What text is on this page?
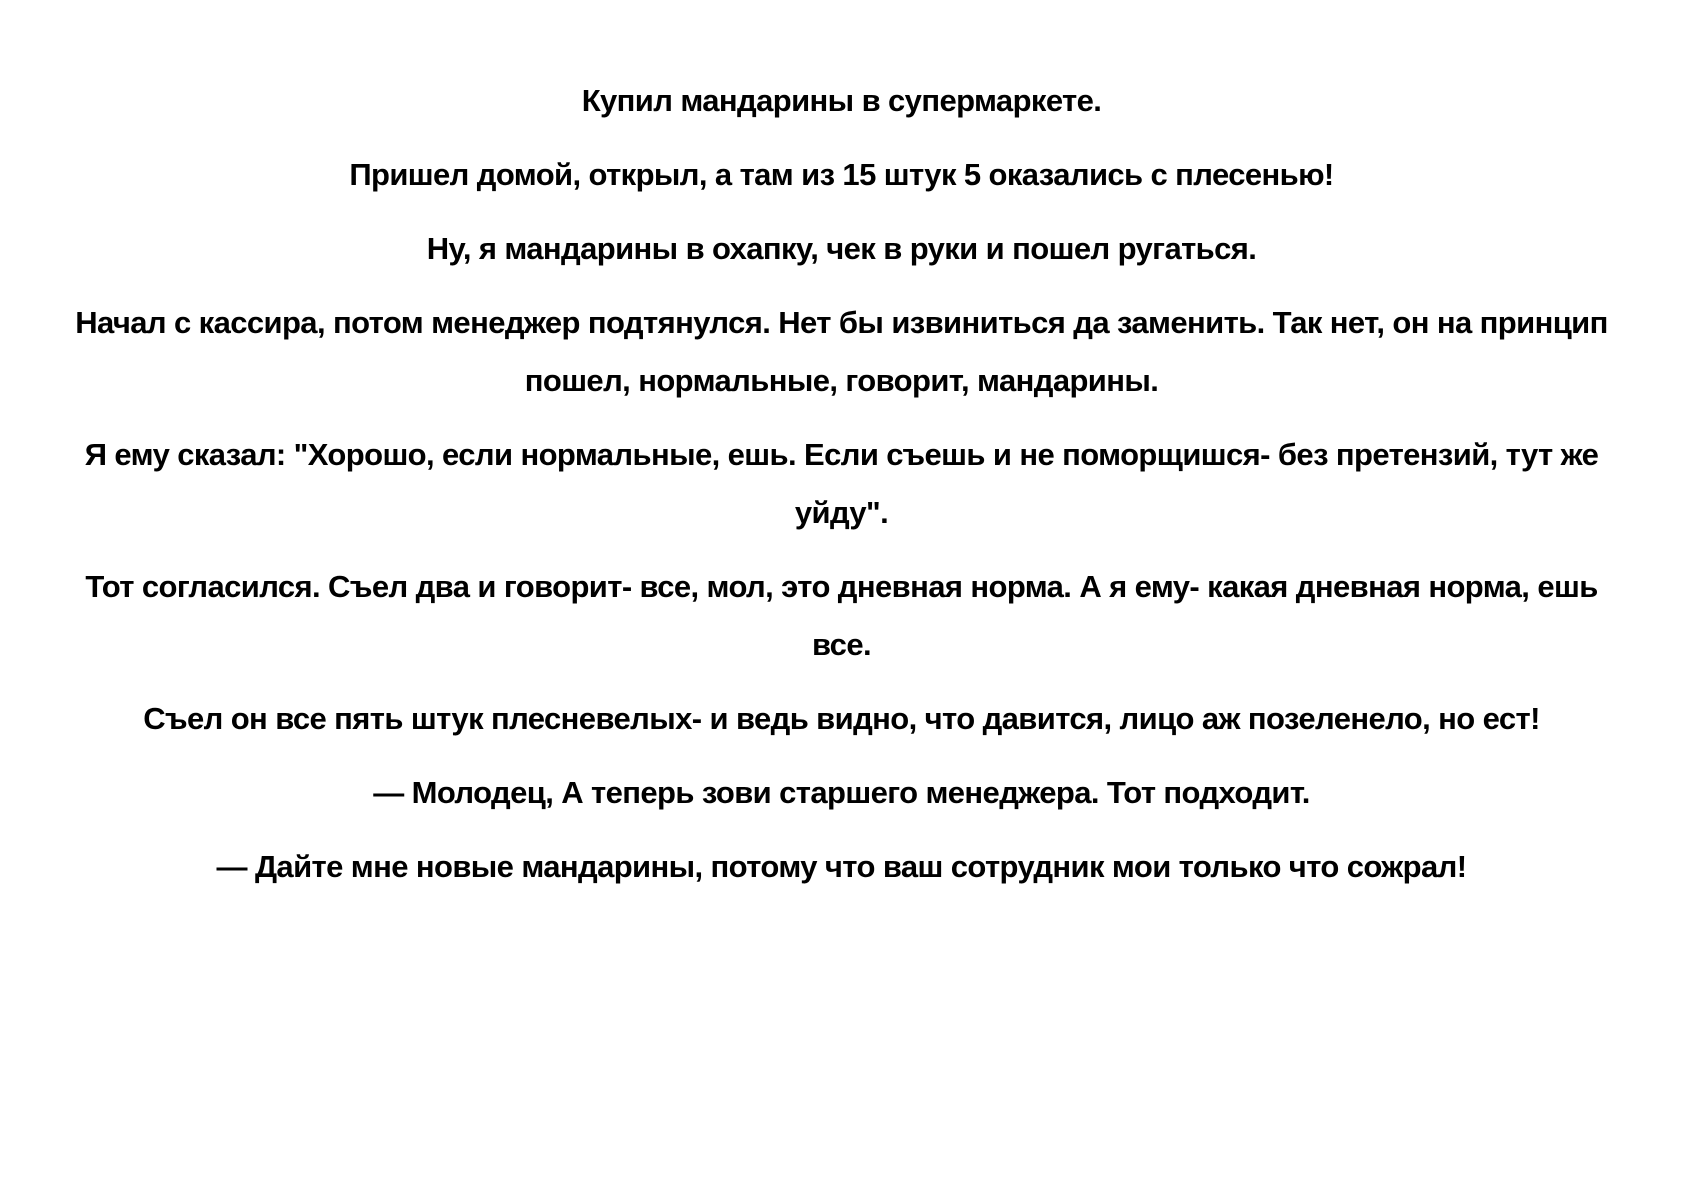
Купил мандарины в супермаркете.

Пришел домой, открыл, а там из 15 штук 5 оказались с плесенью!

Ну, я мандарины в охапку, чек в руки и пошел ругаться.

Начал с кассира, потом менеджер подтянулся. Нет бы извиниться да заменить. Так нет, он на принцип пошел, нормальные, говорит, мандарины.

Я ему сказал: "Хорошо, если нормальные, ешь. Если съешь и не поморщишся- без претензий, тут же уйду".

Тот согласился. Съел два и говорит- все, мол, это дневная норма. А я ему- какая дневная норма, ешь все.

Съел он все пять штук плесневелых- и ведь видно, что давится, лицо аж позеленело, но ест!

— Молодец, А теперь зови старшего менеджера. Тот подходит.

— Дайте мне новые мандарины, потому что ваш сотрудник мои только что сожрал!
